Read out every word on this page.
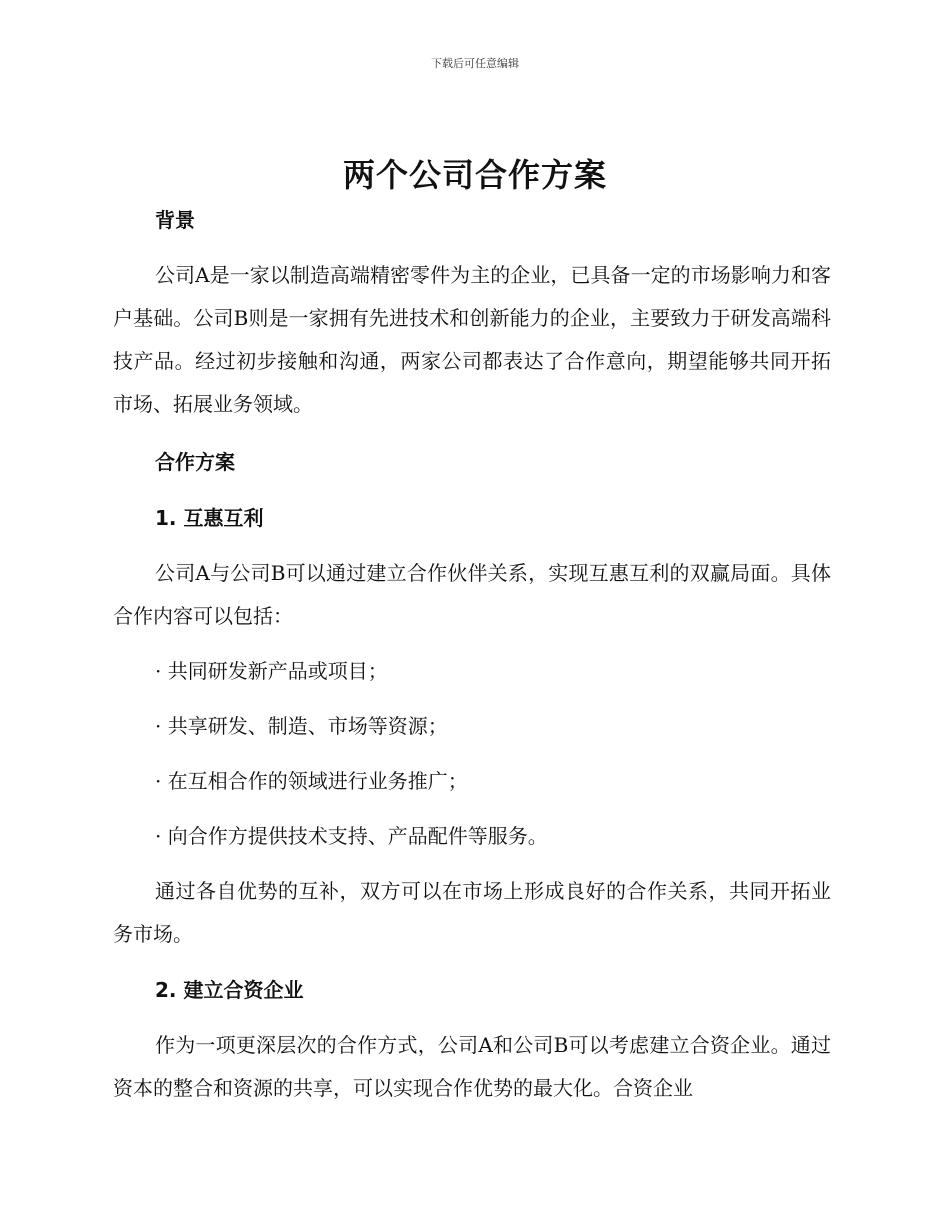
下载后可任意编辑
两个公司合作方案

背景

公司A是一家以制造高端精密零件为主的企业，已具备一定的市场影响力和客户基础。公司B则是一家拥有先进技术和创新能力的企业，主要致力于研发高端科技产品。经过初步接触和沟通，两家公司都表达了合作意向，期望能够共同开拓市场、拓展业务领域。

合作方案

1. 互惠互利

公司A与公司B可以通过建立合作伙伴关系，实现互惠互利的双赢局面。具体合作内容可以包括：

· 共同研发新产品或项目；

· 共享研发、制造、市场等资源；

· 在互相合作的领域进行业务推广；

· 向合作方提供技术支持、产品配件等服务。

通过各自优势的互补，双方可以在市场上形成良好的合作关系，共同开拓业务市场。

2. 建立合资企业

作为一项更深层次的合作方式，公司A和公司B可以考虑建立合资企业。通过资本的整合和资源的共享，可以实现合作优势的最大化。合资企业
